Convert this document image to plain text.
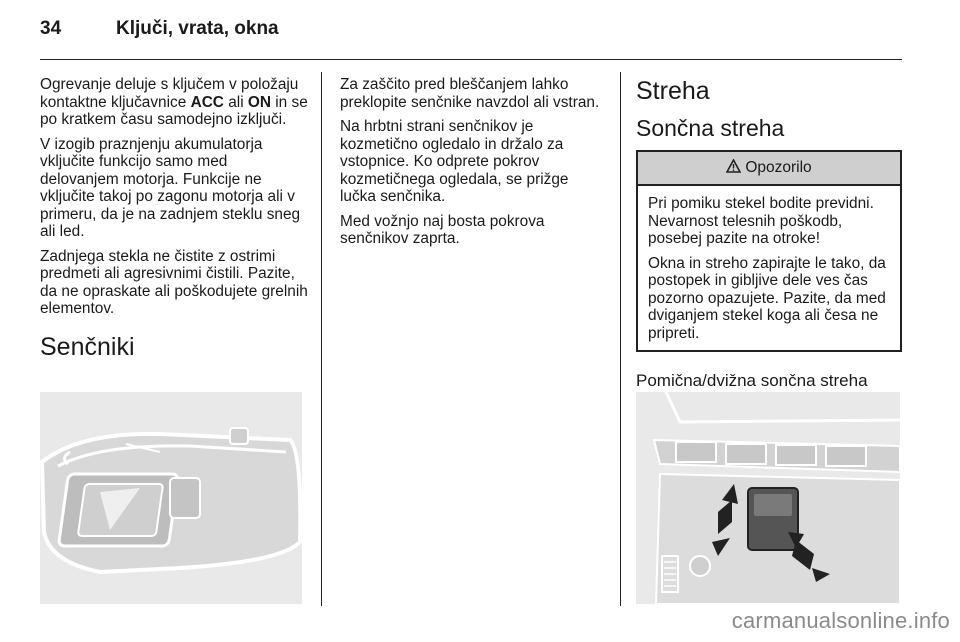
34	Ključi, vrata, okna

Ogrevanje deluje s ključem v položaju kontaktne ključavnice ACC ali ON in se po kratkem času samodejno izključi.

V izogib praznjenju akumulatorja vključite funkcijo samo med delovanjem motorja. Funkcije ne vključite takoj po zagonu motorja ali v primeru, da je na zadnjem steklu sneg ali led.

Zadnjega stekla ne čistite z ostrimi predmeti ali agresivnimi čistili. Pazite, da ne opraskate ali poškodujete grelnih elementov.

Senčniki

Za zaščito pred bleščanjem lahko preklopite senčnike navzdol ali vstran.

Na hrbtni strani senčnikov je kozmetično ogledalo in držalo za vstopnice. Ko odprete pokrov kozmetičnega ogledala, se prižge lučka senčnika.

Med vožnjo naj bosta pokrova senčnikov zaprta.

Streha
Sončna streha
Opozorilo

Pri pomiku stekel bodite previdni. Nevarnost telesnih poškodb, posebej pazite na otroke!

Okna in streho zapirajte le tako, da postopek in gibljive dele ves čas pozorno opazujete. Pazite, da med dviganjem stekel koga ali česa ne pripreti.

Pomična/dvižna sončna streha
carmanualsonline.info
